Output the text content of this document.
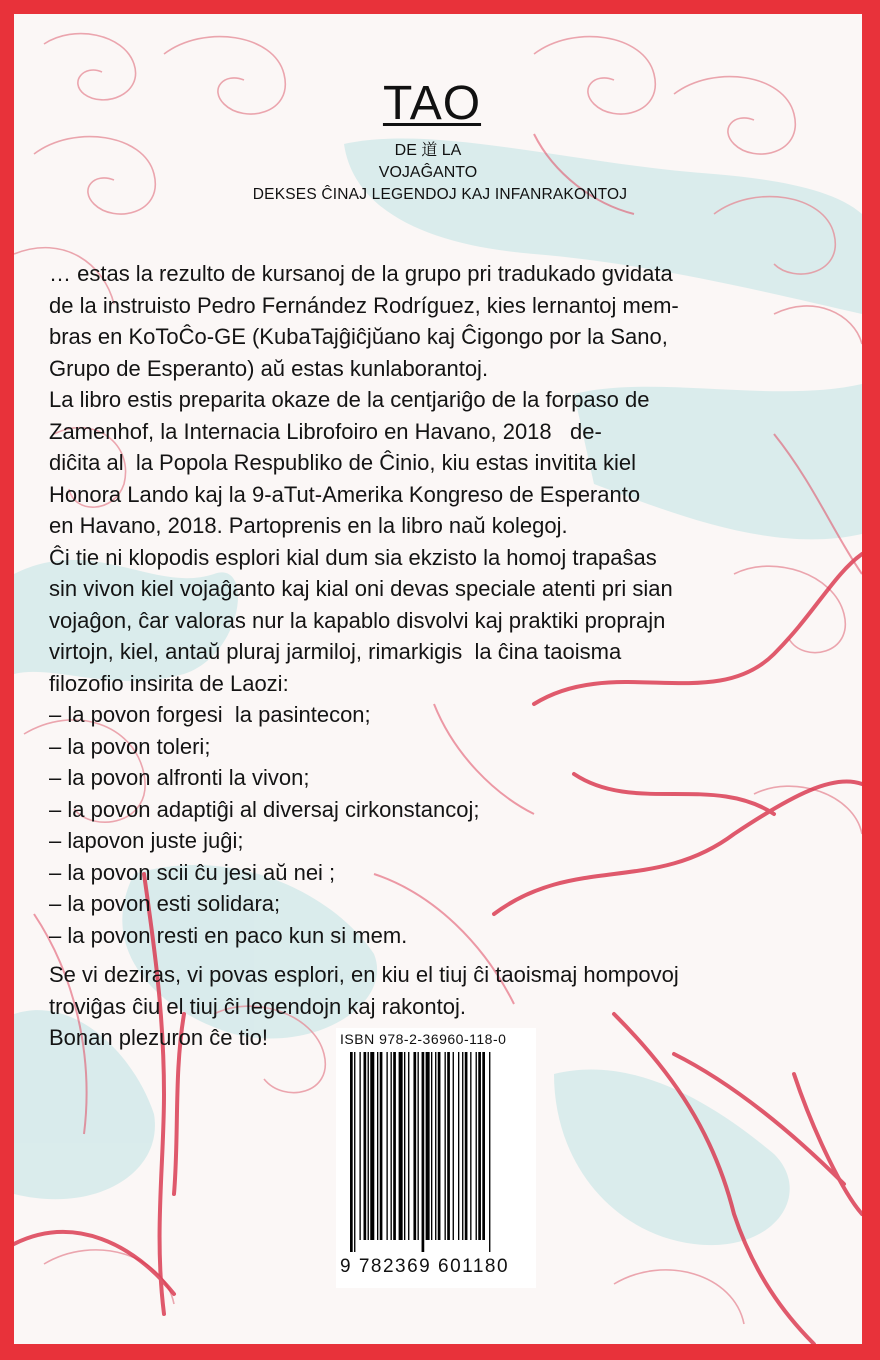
TAO
DE 道 LA
VOJAĜANTO
DEKSES ĈINAJ LEGENDOJ KAJ INFANRAKONTOJ

… estas la rezulto de kursanoj de la grupo pri tradukado gvidata

de la instruisto Pedro Fernández Rodríguez, kies lernantoj mem-

bras en KoToĈo-GE (KubaTajĝiĉjŭano kaj Ĉigongo por la Sano,

Grupo de Esperanto) aŭ estas kunlaborantoj.

La libro estis preparita okaze de la centjariĝo de la forpaso de

Zamenhof, la Internacia Librofoiro en Havano, 2018   de-

diĉita al  la Popola Respubliko de Ĉinio, kiu estas invitita kiel

Honora Lando kaj la 9-aTut-Amerika Kongreso de Esperanto

en Havano, 2018. Partoprenis en la libro naŭ kolegoj.

Ĉi tie ni klopodis esplori kial dum sia ekzisto la homoj trapaŝas

sin vivon kiel vojaĝanto kaj kial oni devas speciale atenti pri sian

vojaĝon, ĉar valoras nur la kapablo disvolvi kaj praktiki proprajn

virtojn, kiel, antaŭ pluraj jarmiloj, rimarkigis  la ĉina taoisma

filozofio insirita de Laozi:

– la povon forgesi  la pasintecon;

– la povon toleri;

– la povon alfronti la vivon;

– la povon adaptiĝi al diversaj cirkonstancoj;

– lapovon juste juĝi;

– la povon scii ĉu jesi aŭ nei ;

– la povon esti solidara;

– la povon resti en paco kun si mem.

Se vi deziras, vi povas esplori, en kiu el tiuj ĉi taoismaj hompovoj

troviĝas ĉiu el tiuj ĉi legendojn kaj rakontoj.

Bonan plezuron ĉe tio!	ISBN 978-2-36960-118-0
9 782369 601180
